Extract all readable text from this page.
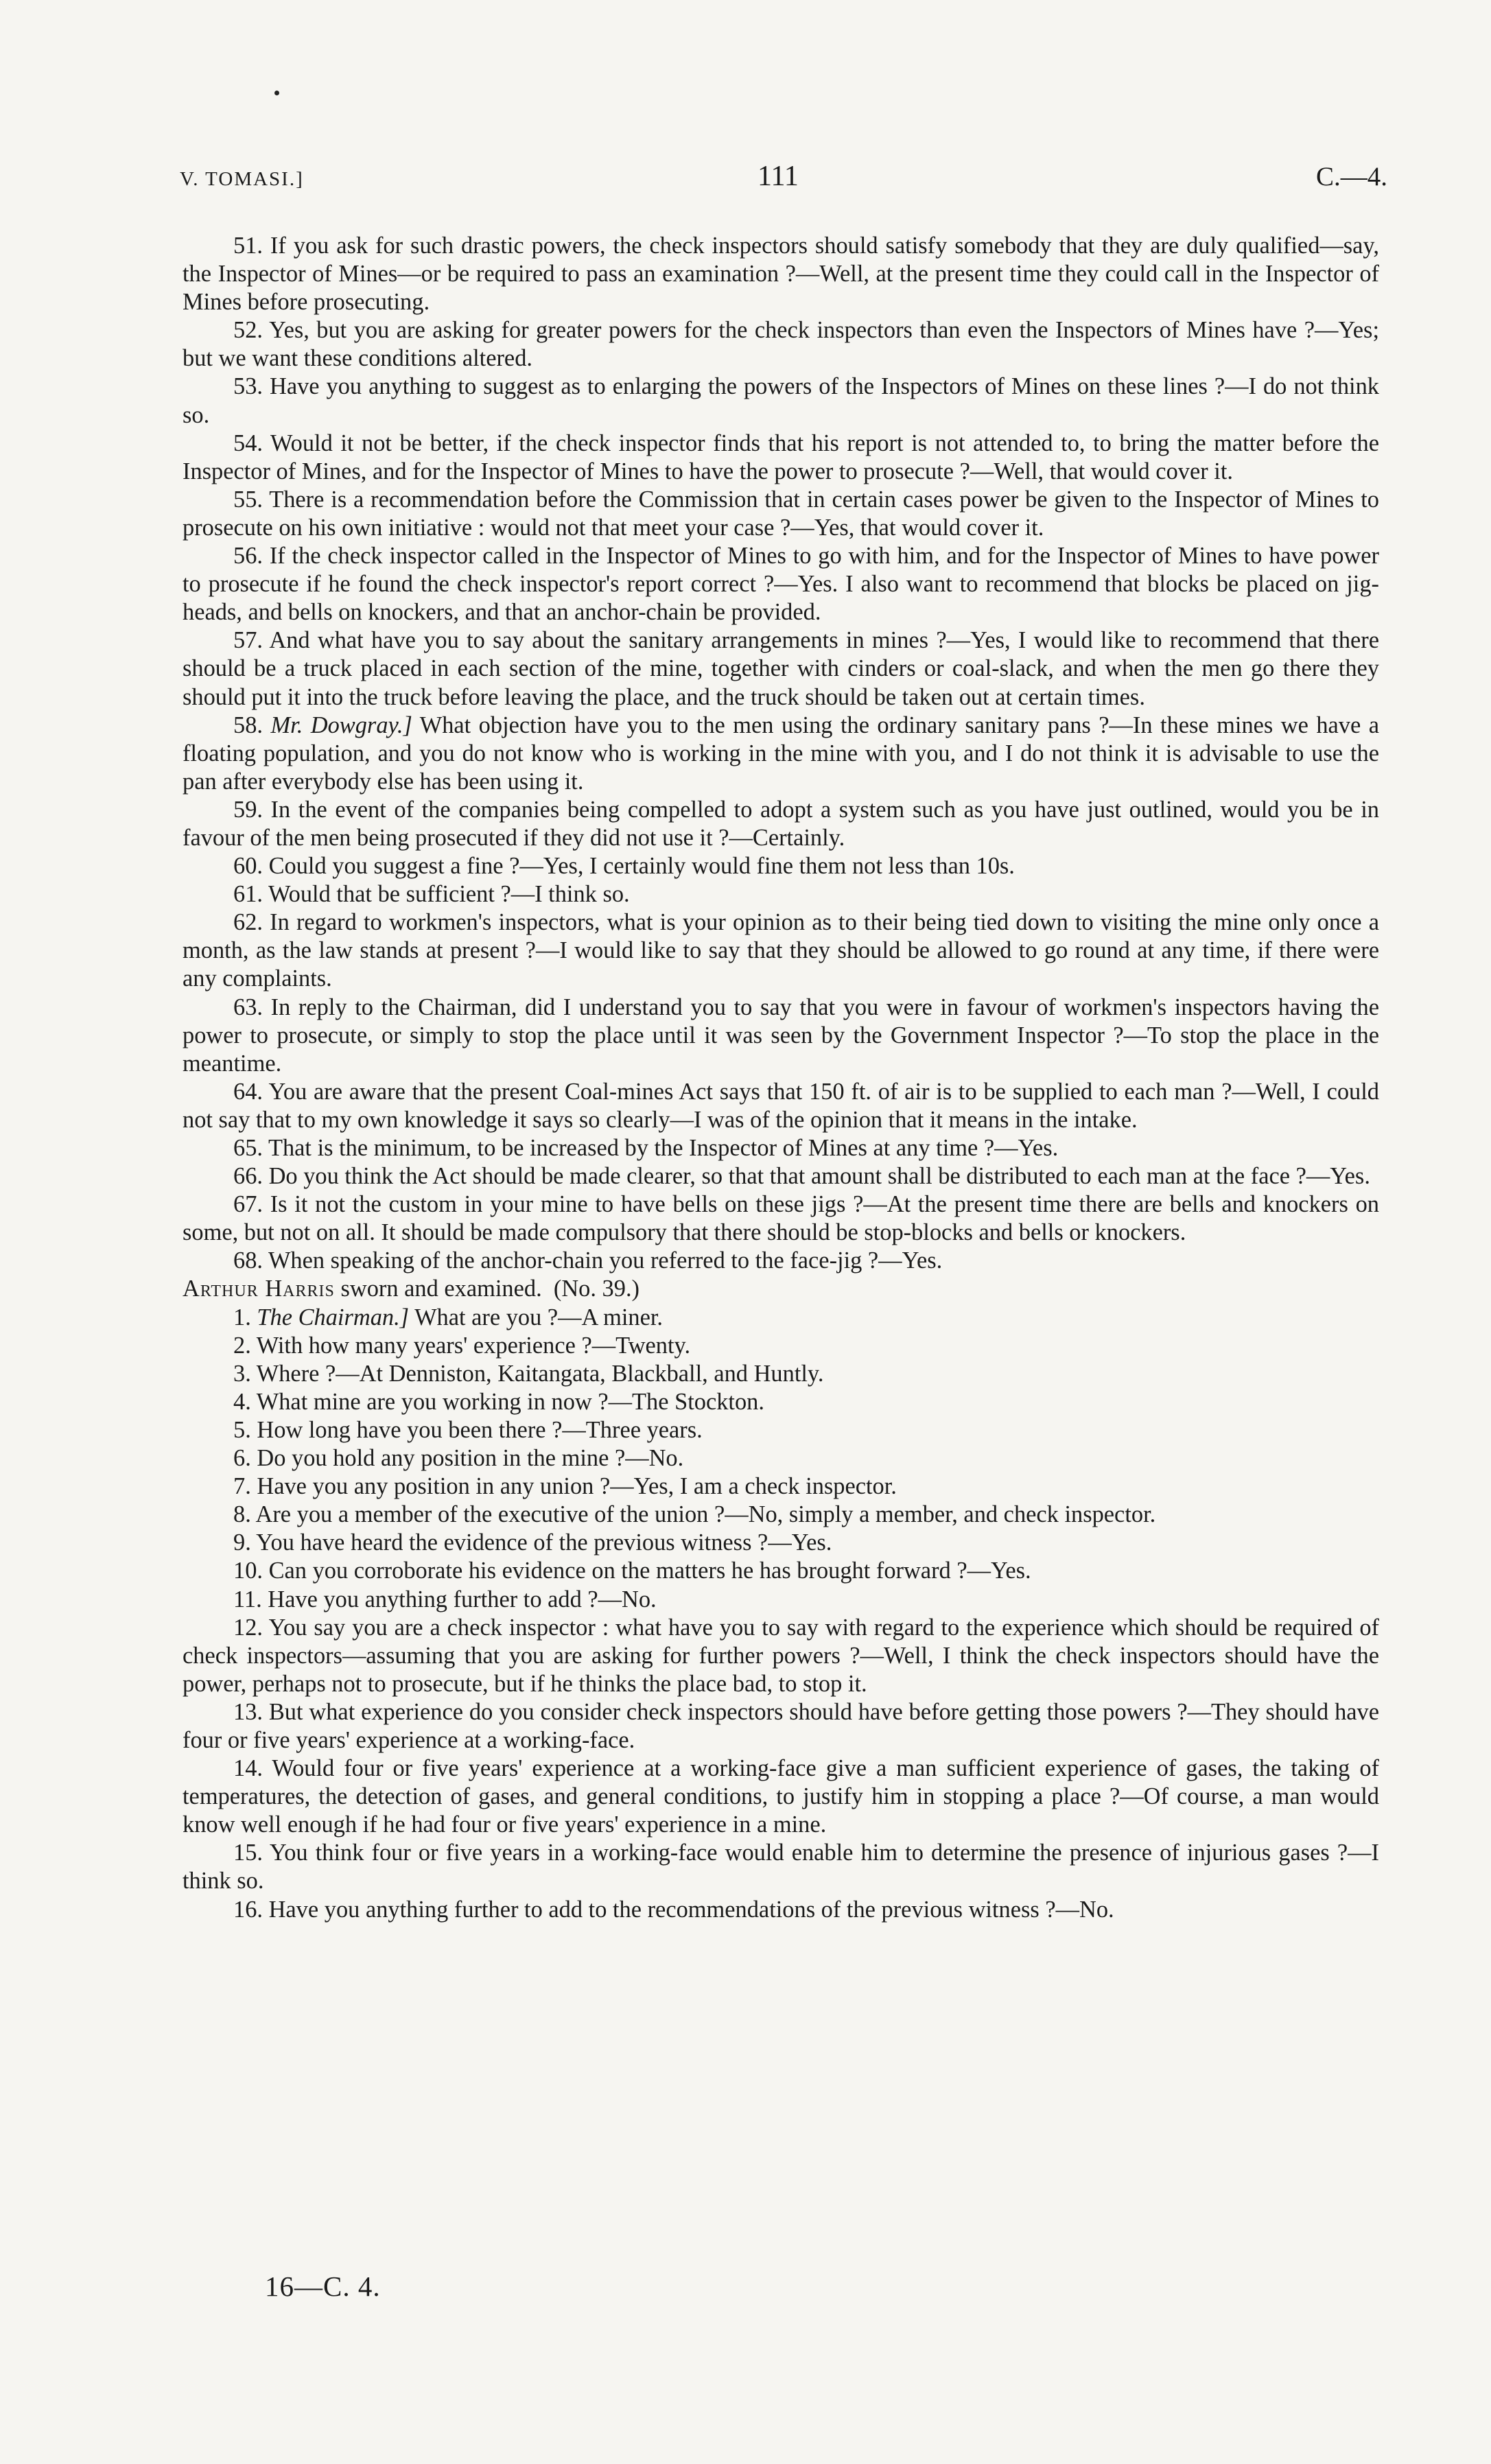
V. TOMASI.]	111	C.—4.

51. If you ask for such drastic powers, the check inspectors should satisfy somebody that they are duly qualified—say, the Inspector of Mines—or be required to pass an examination ?—Well, at the present time they could call in the Inspector of Mines before prosecuting.

52. Yes, but you are asking for greater powers for the check inspectors than even the Inspectors of Mines have ?—Yes; but we want these conditions altered.

53. Have you anything to suggest as to enlarging the powers of the Inspectors of Mines on these lines ?—I do not think so.

54. Would it not be better, if the check inspector finds that his report is not attended to, to bring the matter before the Inspector of Mines, and for the Inspector of Mines to have the power to prosecute ?—Well, that would cover it.

55. There is a recommendation before the Commission that in certain cases power be given to the Inspector of Mines to prosecute on his own initiative : would not that meet your case ?—Yes, that would cover it.

56. If the check inspector called in the Inspector of Mines to go with him, and for the Inspector of Mines to have power to prosecute if he found the check inspector's report correct ?—Yes. I also want to recommend that blocks be placed on jig-heads, and bells on knockers, and that an anchor-chain be provided.

57. And what have you to say about the sanitary arrangements in mines ?—Yes, I would like to recommend that there should be a truck placed in each section of the mine, together with cinders or coal-slack, and when the men go there they should put it into the truck before leaving the place, and the truck should be taken out at certain times.

58. Mr. Dowgray.] What objection have you to the men using the ordinary sanitary pans ?—In these mines we have a floating population, and you do not know who is working in the mine with you, and I do not think it is advisable to use the pan after everybody else has been using it.

59. In the event of the companies being compelled to adopt a system such as you have just outlined, would you be in favour of the men being prosecuted if they did not use it ?—Certainly.

60. Could you suggest a fine ?—Yes, I certainly would fine them not less than 10s.

61. Would that be sufficient ?—I think so.

62. In regard to workmen's inspectors, what is your opinion as to their being tied down to visiting the mine only once a month, as the law stands at present ?—I would like to say that they should be allowed to go round at any time, if there were any complaints.

63. In reply to the Chairman, did I understand you to say that you were in favour of workmen's inspectors having the power to prosecute, or simply to stop the place until it was seen by the Government Inspector ?—To stop the place in the meantime.

64. You are aware that the present Coal-mines Act says that 150 ft. of air is to be supplied to each man ?—Well, I could not say that to my own knowledge it says so clearly—I was of the opinion that it means in the intake.

65. That is the minimum, to be increased by the Inspector of Mines at any time ?—Yes.

66. Do you think the Act should be made clearer, so that that amount shall be distributed to each man at the face ?—Yes.

67. Is it not the custom in your mine to have bells on these jigs ?—At the present time there are bells and knockers on some, but not on all. It should be made compulsory that there should be stop-blocks and bells or knockers.

68. When speaking of the anchor-chain you referred to the face-jig ?—Yes.

Arthur Harris sworn and examined. (No. 39.)

1. The Chairman.] What are you ?—A miner.

2. With how many years' experience ?—Twenty.

3. Where ?—At Denniston, Kaitangata, Blackball, and Huntly.

4. What mine are you working in now ?—The Stockton.

5. How long have you been there ?—Three years.

6. Do you hold any position in the mine ?—No.

7. Have you any position in any union ?—Yes, I am a check inspector.

8. Are you a member of the executive of the union ?—No, simply a member, and check inspector.

9. You have heard the evidence of the previous witness ?—Yes.

10. Can you corroborate his evidence on the matters he has brought forward ?—Yes.

11. Have you anything further to add ?—No.

12. You say you are a check inspector : what have you to say with regard to the experience which should be required of check inspectors—assuming that you are asking for further powers ?—Well, I think the check inspectors should have the power, perhaps not to prosecute, but if he thinks the place bad, to stop it.

13. But what experience do you consider check inspectors should have before getting those powers ?—They should have four or five years' experience at a working-face.

14. Would four or five years' experience at a working-face give a man sufficient experience of gases, the taking of temperatures, the detection of gases, and general conditions, to justify him in stopping a place ?—Of course, a man would know well enough if he had four or five years' experience in a mine.

15. You think four or five years in a working-face would enable him to determine the presence of injurious gases ?—I think so.

16. Have you anything further to add to the recommendations of the previous witness ?—No.

16—C. 4.
